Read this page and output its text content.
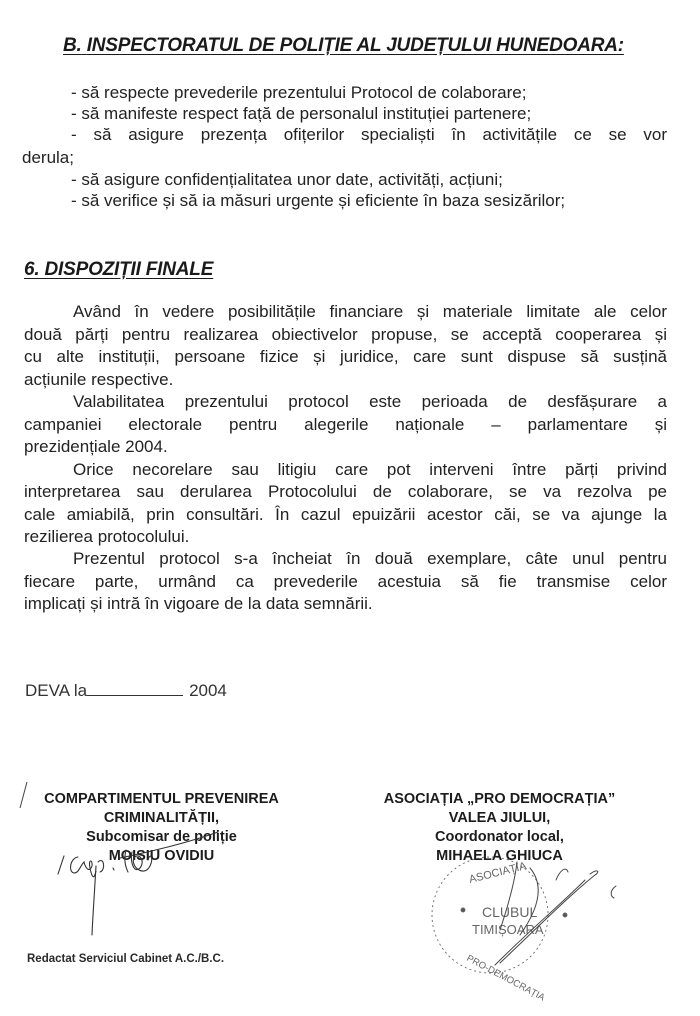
B. INSPECTORATUL DE POLIȚIE AL JUDEȚULUI HUNEDOARA:
- să respecte prevederile prezentului Protocol de colaborare;
- să manifeste respect față de personalul instituției partenere;
- să asigure prezența ofițerilor specialiști în activitățile ce se vor
derula;
- să asigure confidențialitatea unor date, activități, acțiuni;
- să verifice și să ia măsuri urgente și eficiente în baza sesizărilor;
6. DISPOZIȚII FINALE
Având în vedere posibilitățile financiare și materiale limitate ale celor
două părți pentru realizarea obiectivelor propuse, se acceptă cooperarea și
cu alte instituții, persoane fizice și juridice, care sunt dispuse să susțină
acțiunile respective.
Valabilitatea prezentului protocol este perioada de desfășurare a
campaniei electorale pentru alegerile naționale – parlamentare și
prezidențiale 2004.
Orice necorelare sau litigiu care pot interveni între părți privind
interpretarea sau derularea Protocolului de colaborare, se va rezolva pe
cale amiabilă, prin consultări. În cazul epuizării acestor căi, se va ajunge la
rezilierea protocolului.
Prezentul protocol s-a încheiat în două exemplare, câte unul pentru
fiecare parte, urmând ca prevederile acestuia să fie transmise celor
implicați și intră în vigoare de la data semnării.
DEVA la	2004
COMPARTIMENTUL PREVENIREA
CRIMINALITĂȚII,
Subcomisar de poliție
MOISIU OVIDIU
ASOCIAȚIA „PRO DEMOCRAȚIA”
VALEA JIULUI,
Coordonator local,
MIHAELA GHIUCA
ASOCIAȚIA
CLUBUL
TIMIȘOARA
PRO-DEMOCRAȚIA
Redactat Serviciul Cabinet A.C./B.C.
